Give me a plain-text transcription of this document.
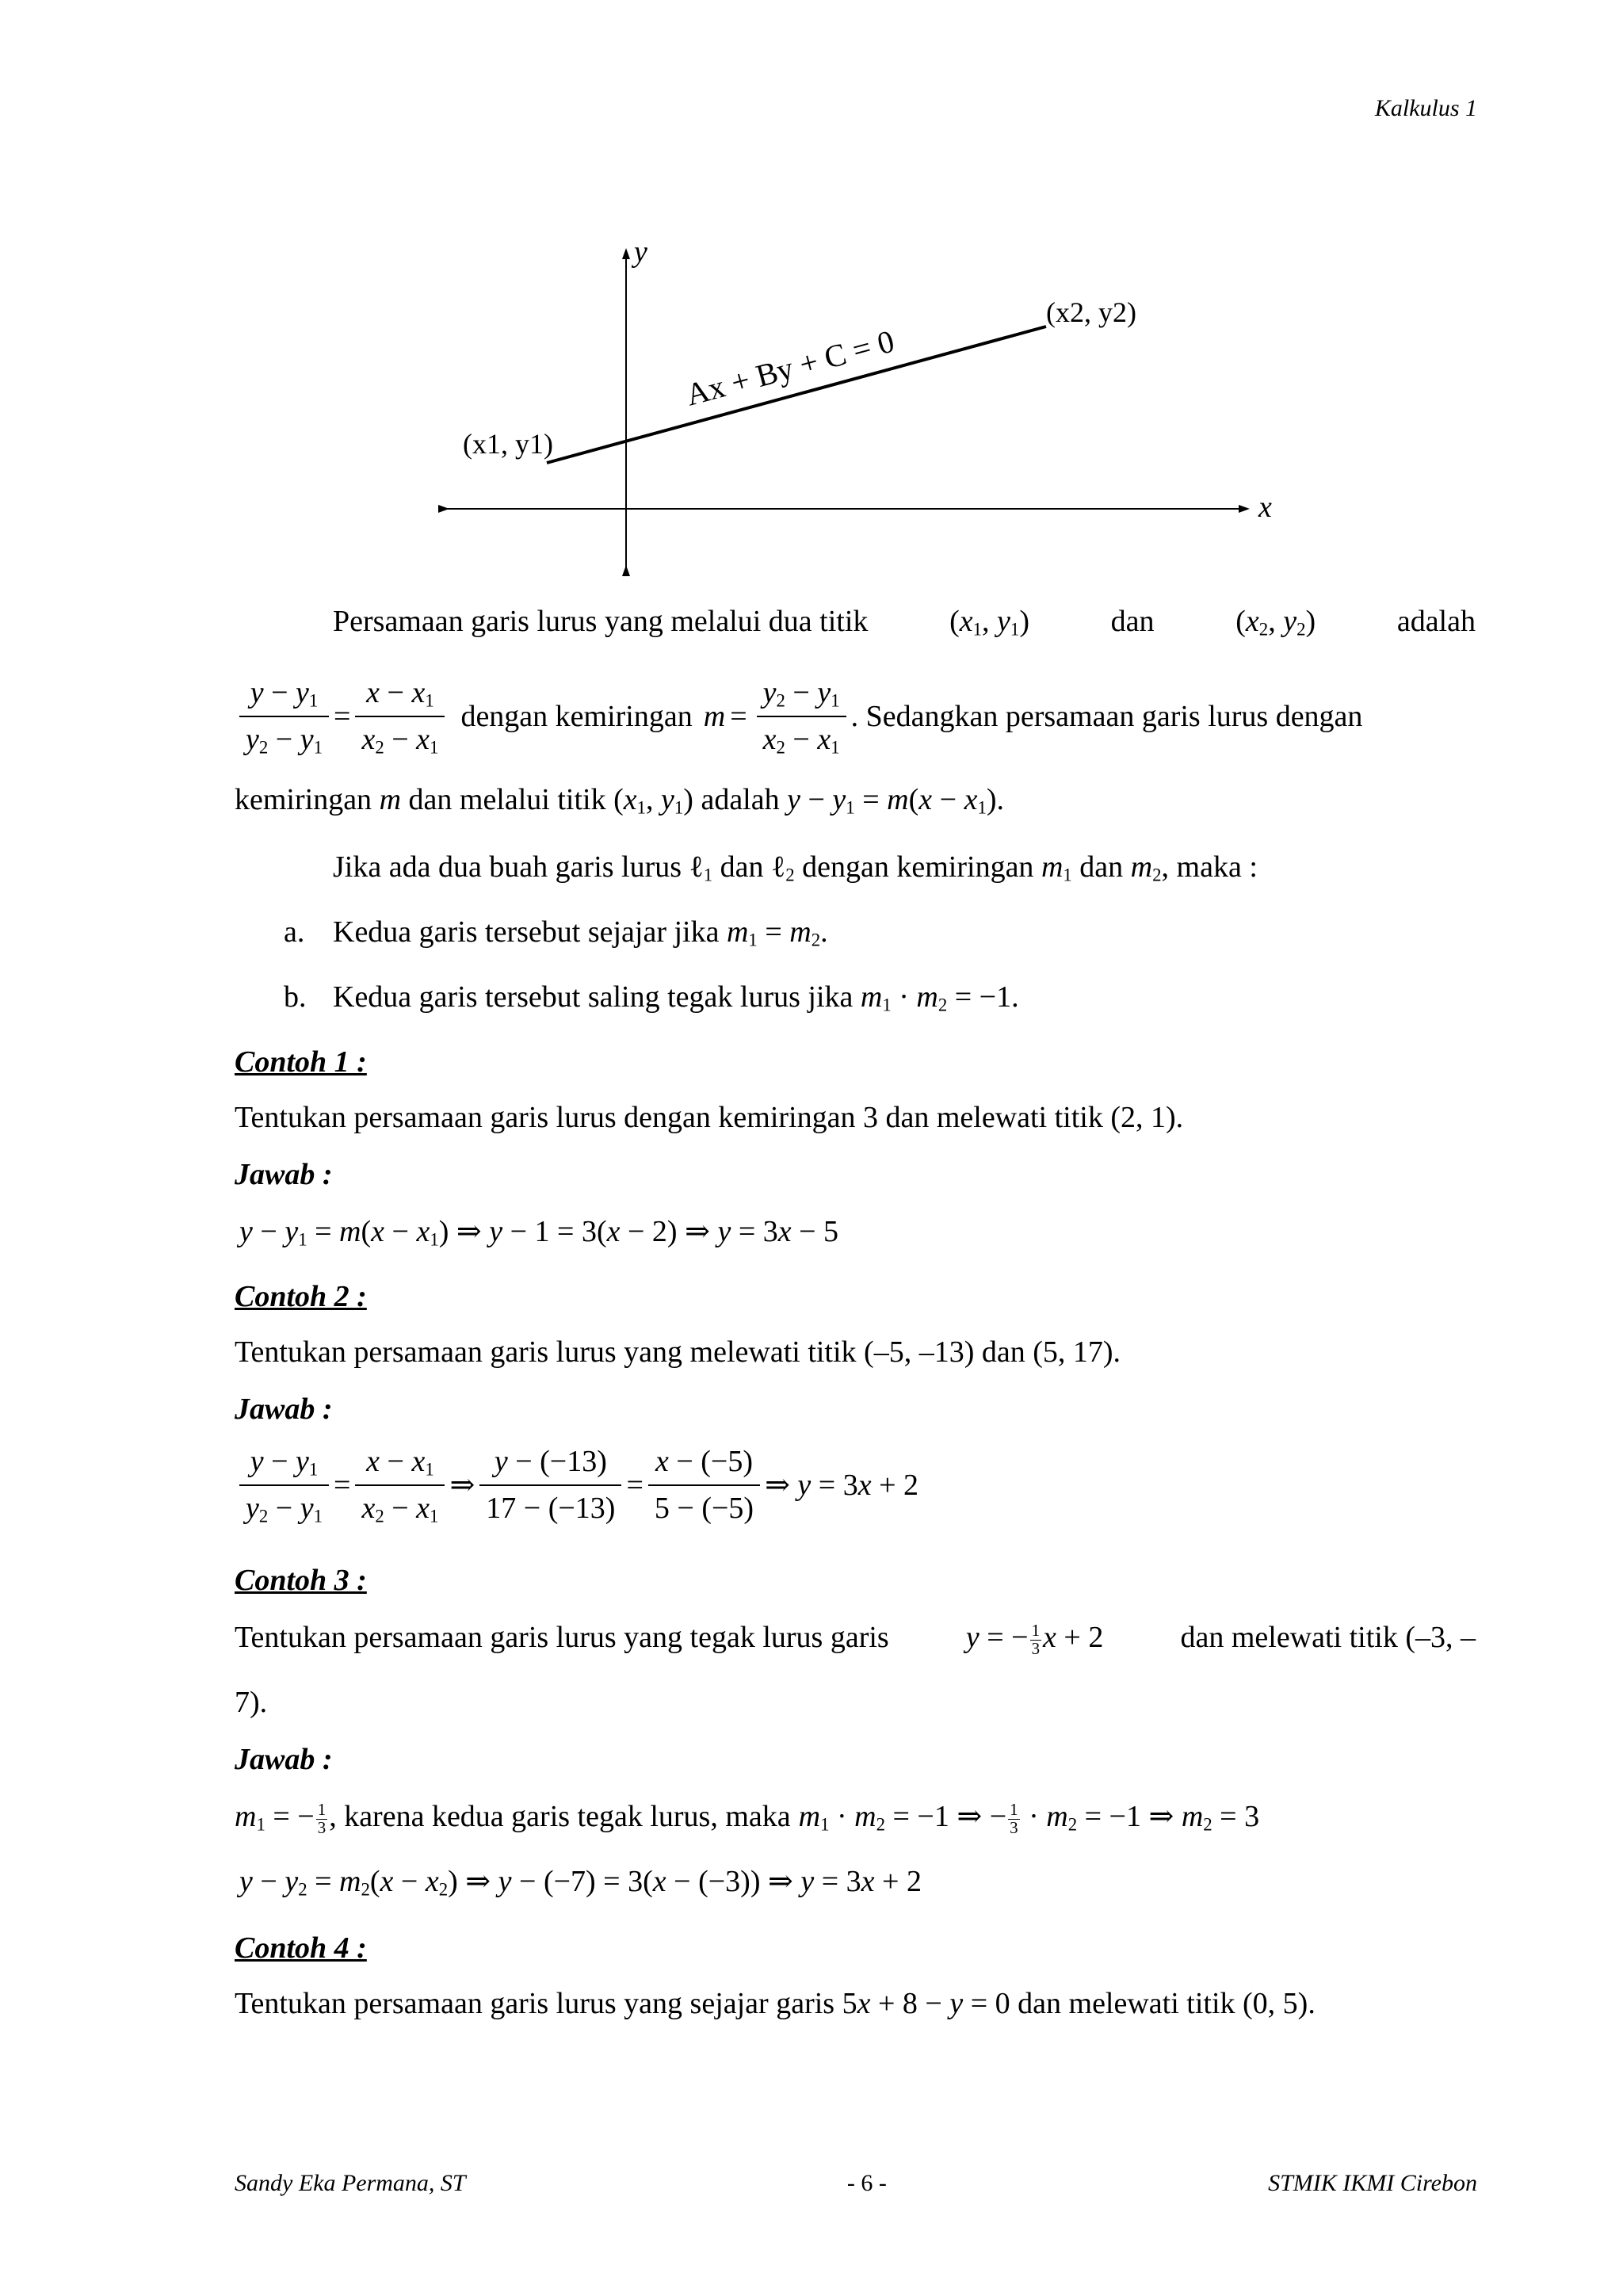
Kalkulus 1
y
x
(x1, y1)
(x2, y2)
Ax + By + C = 0
Persamaan garis lurus yang melalui dua titik	($x_1$, $y_1$)	dan	($x_2$, $y_2$)	adalah
$\frac{y - y_1}{y_2 - y_1} = \frac{x - x_1}{x_2 - x_1}$ dengan kemiringan $m = \frac{y_2 - y_1}{x_2 - x_1}$ . Sedangkan persamaan garis lurus dengan
kemiringan m dan melalui titik ($x_1$, $y_1$) adalah $y - y_1 = m(x - x_1)$.
Jika ada dua buah garis lurus ℓ$_1$ dan ℓ$_2$ dengan kemiringan $m_1$ dan $m_2$, maka :
a. Kedua garis tersebut sejajar jika $m_1 = m_2$.
b. Kedua garis tersebut saling tegak lurus jika $m_1 \cdot m_2 = -1$.
Contoh 1 :
Tentukan persamaan garis lurus dengan kemiringan 3 dan melewati titik (2, 1).
Jawab :
$y - y_1 = m(x - x_1)$ ⇒ y − 1 = 3(x − 2) ⇒ y = 3x − 5
Contoh 2 :
Tentukan persamaan garis lurus yang melewati titik (–5, –13) dan (5, 17).
Jawab :
$\frac{y - y_1}{y_2 - y_1} = \frac{x - x_1}{x_2 - x_1}$ ⇒ $\frac{y - (-13)}{17 - (-13)} = \frac{x - (-5)}{5 - (-5)}$ ⇒ y = 3x + 2
Contoh 3 :
Tentukan persamaan garis lurus yang tegak lurus garis	y = − $\frac{1}{3}$ x + 2	dan melewati titik (–3, –
7).
Jawab :
$m_1$ = − $\frac{1}{3}$ , karena kedua garis tegak lurus, maka $m_1 \cdot m_2 = -1$ ⇒ − $\frac{1}{3} \cdot m_2 = -1$ ⇒ $m_2 = 3$
$y - y_2 = m_2(x - x_2)$ ⇒ y − (−7) = 3(x − (−3)) ⇒ y = 3x + 2
Contoh 4 :
Tentukan persamaan garis lurus yang sejajar garis 5x + 8 − y = 0 dan melewati titik (0, 5).
Sandy Eka Permana, ST	- 6 -	STMIK IKMI Cirebon
